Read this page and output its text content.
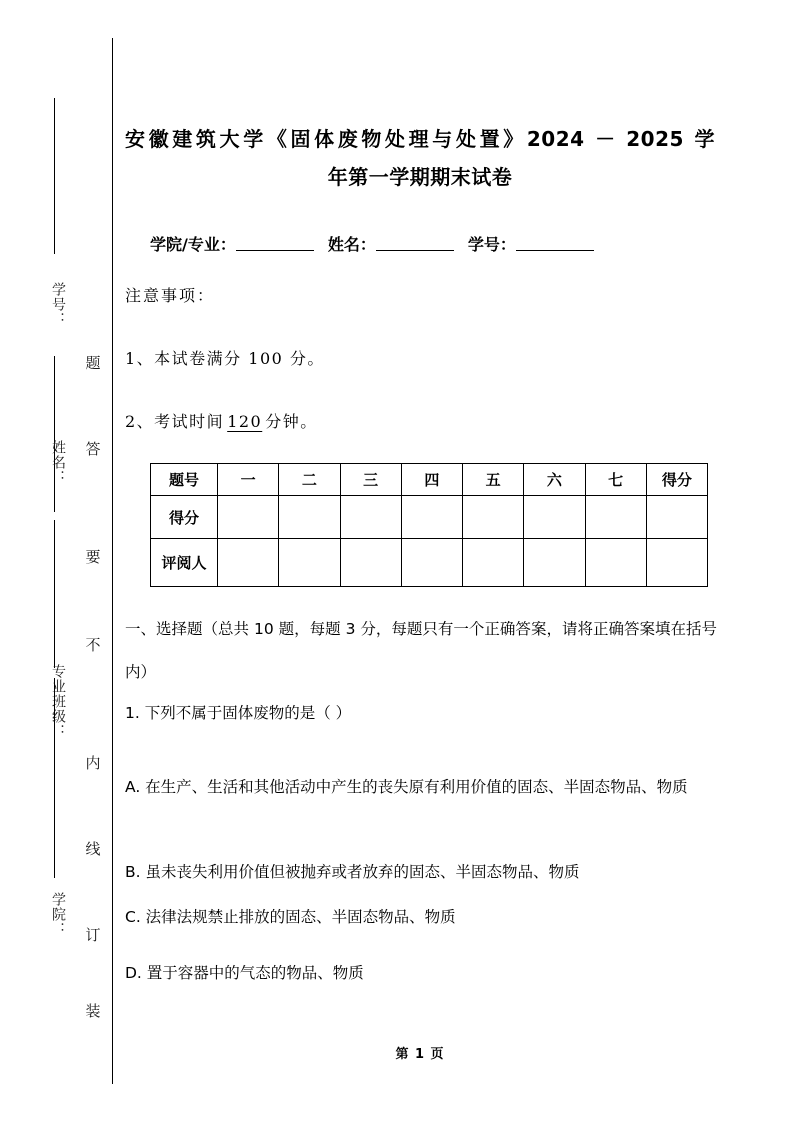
学号：
姓名：
专业班级：
学院：
题
答
要
不
内
线
订
装
安徽建筑大学《固体废物处理与处置》2024 － 2025 学
年第一学期期末试卷
学院/专业：	姓名：	学号：
注意事项：
1、本试卷满分 100 分。
2、考试时间 120 分钟。
题号	一	二	三	四	五	六	七	得分
得分								
评阅人								
一、选择题（总共 10 题，每题 3 分，每题只有一个正确答案，请将正确答案填在括号内）
1. 下列不属于固体废物的是（ ）
A. 在生产、生活和其他活动中产生的丧失原有利用价值的固态、半固态物品、物质
B. 虽未丧失利用价值但被抛弃或者放弃的固态、半固态物品、物质
C. 法律法规禁止排放的固态、半固态物品、物质
D. 置于容器中的气态的物品、物质
第 1 页
